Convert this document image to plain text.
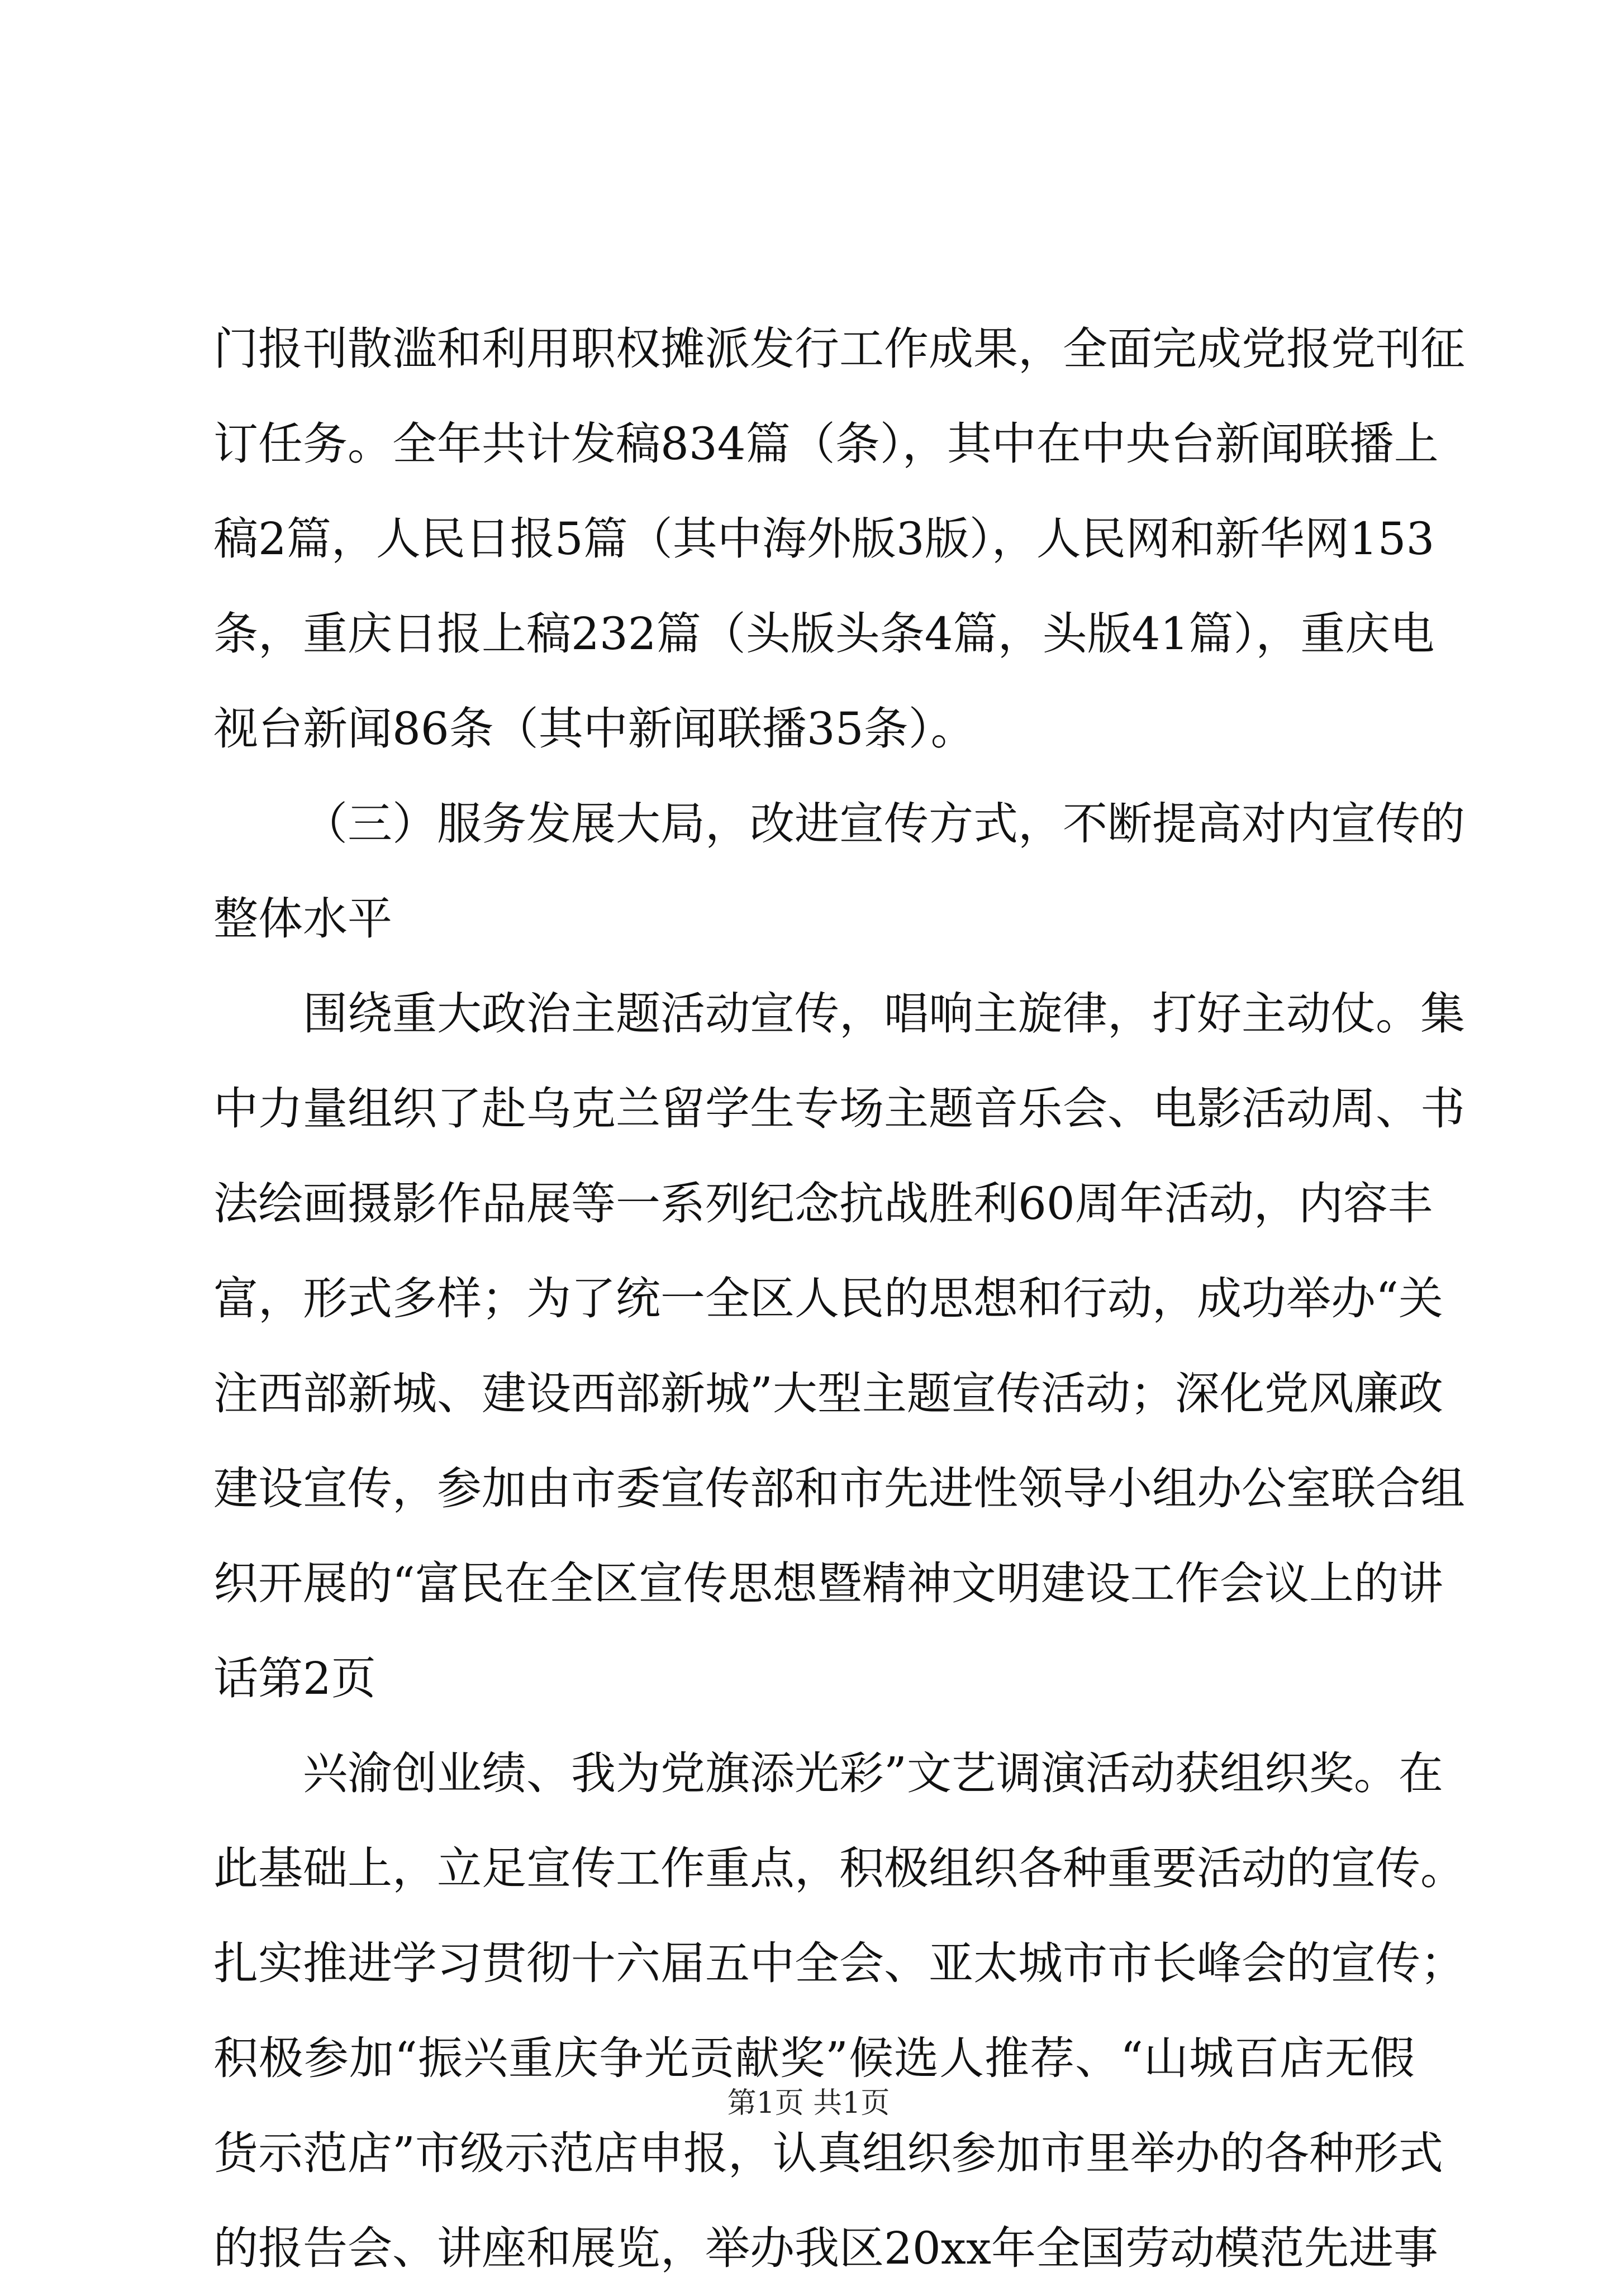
门报刊散滥和利用职权摊派发行工作成果，全面完成党报党刊征
订任务。全年共计发稿834篇（条），其中在中央台新闻联播上
稿2篇，人民日报5篇（其中海外版3版），人民网和新华网153
条，重庆日报上稿232篇（头版头条4篇，头版41篇），重庆电
视台新闻86条（其中新闻联播35条）。
（三）服务发展大局，改进宣传方式，不断提高对内宣传的
整体水平
围绕重大政治主题活动宣传，唱响主旋律，打好主动仗。集
中力量组织了赴乌克兰留学生专场主题音乐会、电影活动周、书
法绘画摄影作品展等一系列纪念抗战胜利60周年活动，内容丰
富，形式多样；为了统一全区人民的思想和行动，成功举办“关
注西部新城、建设西部新城”大型主题宣传活动；深化党风廉政
建设宣传，参加由市委宣传部和市先进性领导小组办公室联合组
织开展的“富民在全区宣传思想暨精神文明建设工作会议上的讲
话第2页
兴渝创业绩、我为党旗添光彩”文艺调演活动获组织奖。在
此基础上，立足宣传工作重点，积极组织各种重要活动的宣传。
扎实推进学习贯彻十六届五中全会、亚太城市市长峰会的宣传；
积极参加“振兴重庆争光贡献奖”候选人推荐、“山城百店无假
货示范店”市级示范店申报，认真组织参加市里举办的各种形式
的报告会、讲座和展览，举办我区20xx年全国劳动模范先进事
第1页 共1页
